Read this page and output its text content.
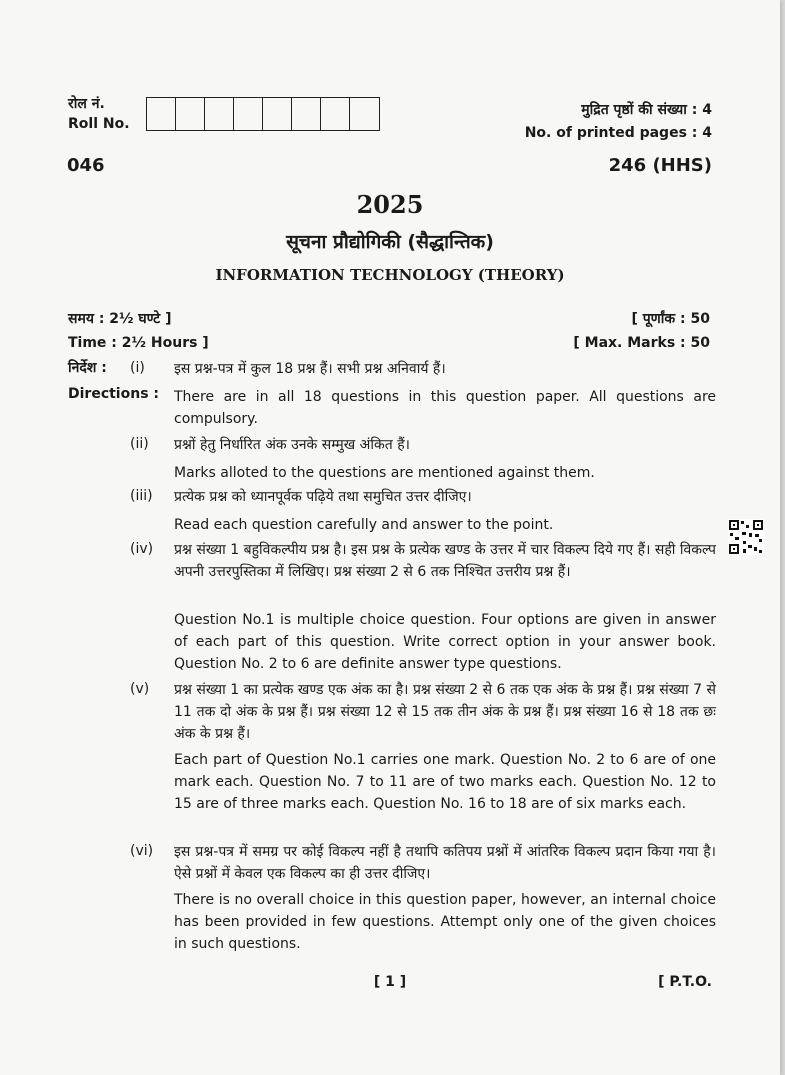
रोल नं.
Roll No.
मुद्रित पृष्ठों की संख्या : 4
No. of printed pages : 4
046	246 (HHS)
2025
सूचना प्रौद्योगिकी (सैद्धान्तिक)
INFORMATION TECHNOLOGY (THEORY)
समय : 2½ घण्टे ]
Time : 2½ Hours ]
[ पूर्णांक : 50
[ Max. Marks : 50
निर्देश :
Directions :
(i) इस प्रश्न-पत्र में कुल 18 प्रश्न हैं। सभी प्रश्न अनिवार्य हैं।
There are in all 18 questions in this question paper. All questions are compulsory.
(ii) प्रश्नों हेतु निर्धारित अंक उनके सम्मुख अंकित हैं।
Marks alloted to the questions are mentioned against them.
(iii) प्रत्येक प्रश्न को ध्यानपूर्वक पढ़िये तथा समुचित उत्तर दीजिए।
Read each question carefully and answer to the point.
(iv) प्रश्न संख्या 1 बहुविकल्पीय प्रश्न है। इस प्रश्न के प्रत्येक खण्ड के उत्तर में चार विकल्प दिये गए हैं। सही विकल्प अपनी उत्तरपुस्तिका में लिखिए। प्रश्न संख्या 2 से 6 तक निश्चित उत्तरीय प्रश्न हैं।
Question No.1 is multiple choice question. Four options are given in answer of each part of this question. Write correct option in your answer book. Question No. 2 to 6 are definite answer type questions.
(v) प्रश्न संख्या 1 का प्रत्येक खण्ड एक अंक का है। प्रश्न संख्या 2 से 6 तक एक अंक के प्रश्न हैं। प्रश्न संख्या 7 से 11 तक दो अंक के प्रश्न हैं। प्रश्न संख्या 12 से 15 तक तीन अंक के प्रश्न हैं। प्रश्न संख्या 16 से 18 तक छः अंक के प्रश्न हैं।
Each part of Question No.1 carries one mark. Question No. 2 to 6 are of one mark each. Question No. 7 to 11 are of two marks each. Question No. 12 to 15 are of three marks each. Question No. 16 to 18 are of six marks each.
(vi) इस प्रश्न-पत्र में समग्र पर कोई विकल्प नहीं है तथापि कतिपय प्रश्नों में आंतरिक विकल्प प्रदान किया गया है। ऐसे प्रश्नों में केवल एक विकल्प का ही उत्तर दीजिए।
There is no overall choice in this question paper, however, an internal choice has been provided in few questions. Attempt only one of the given choices in such questions.
[ 1 ]	[ P.T.O.
